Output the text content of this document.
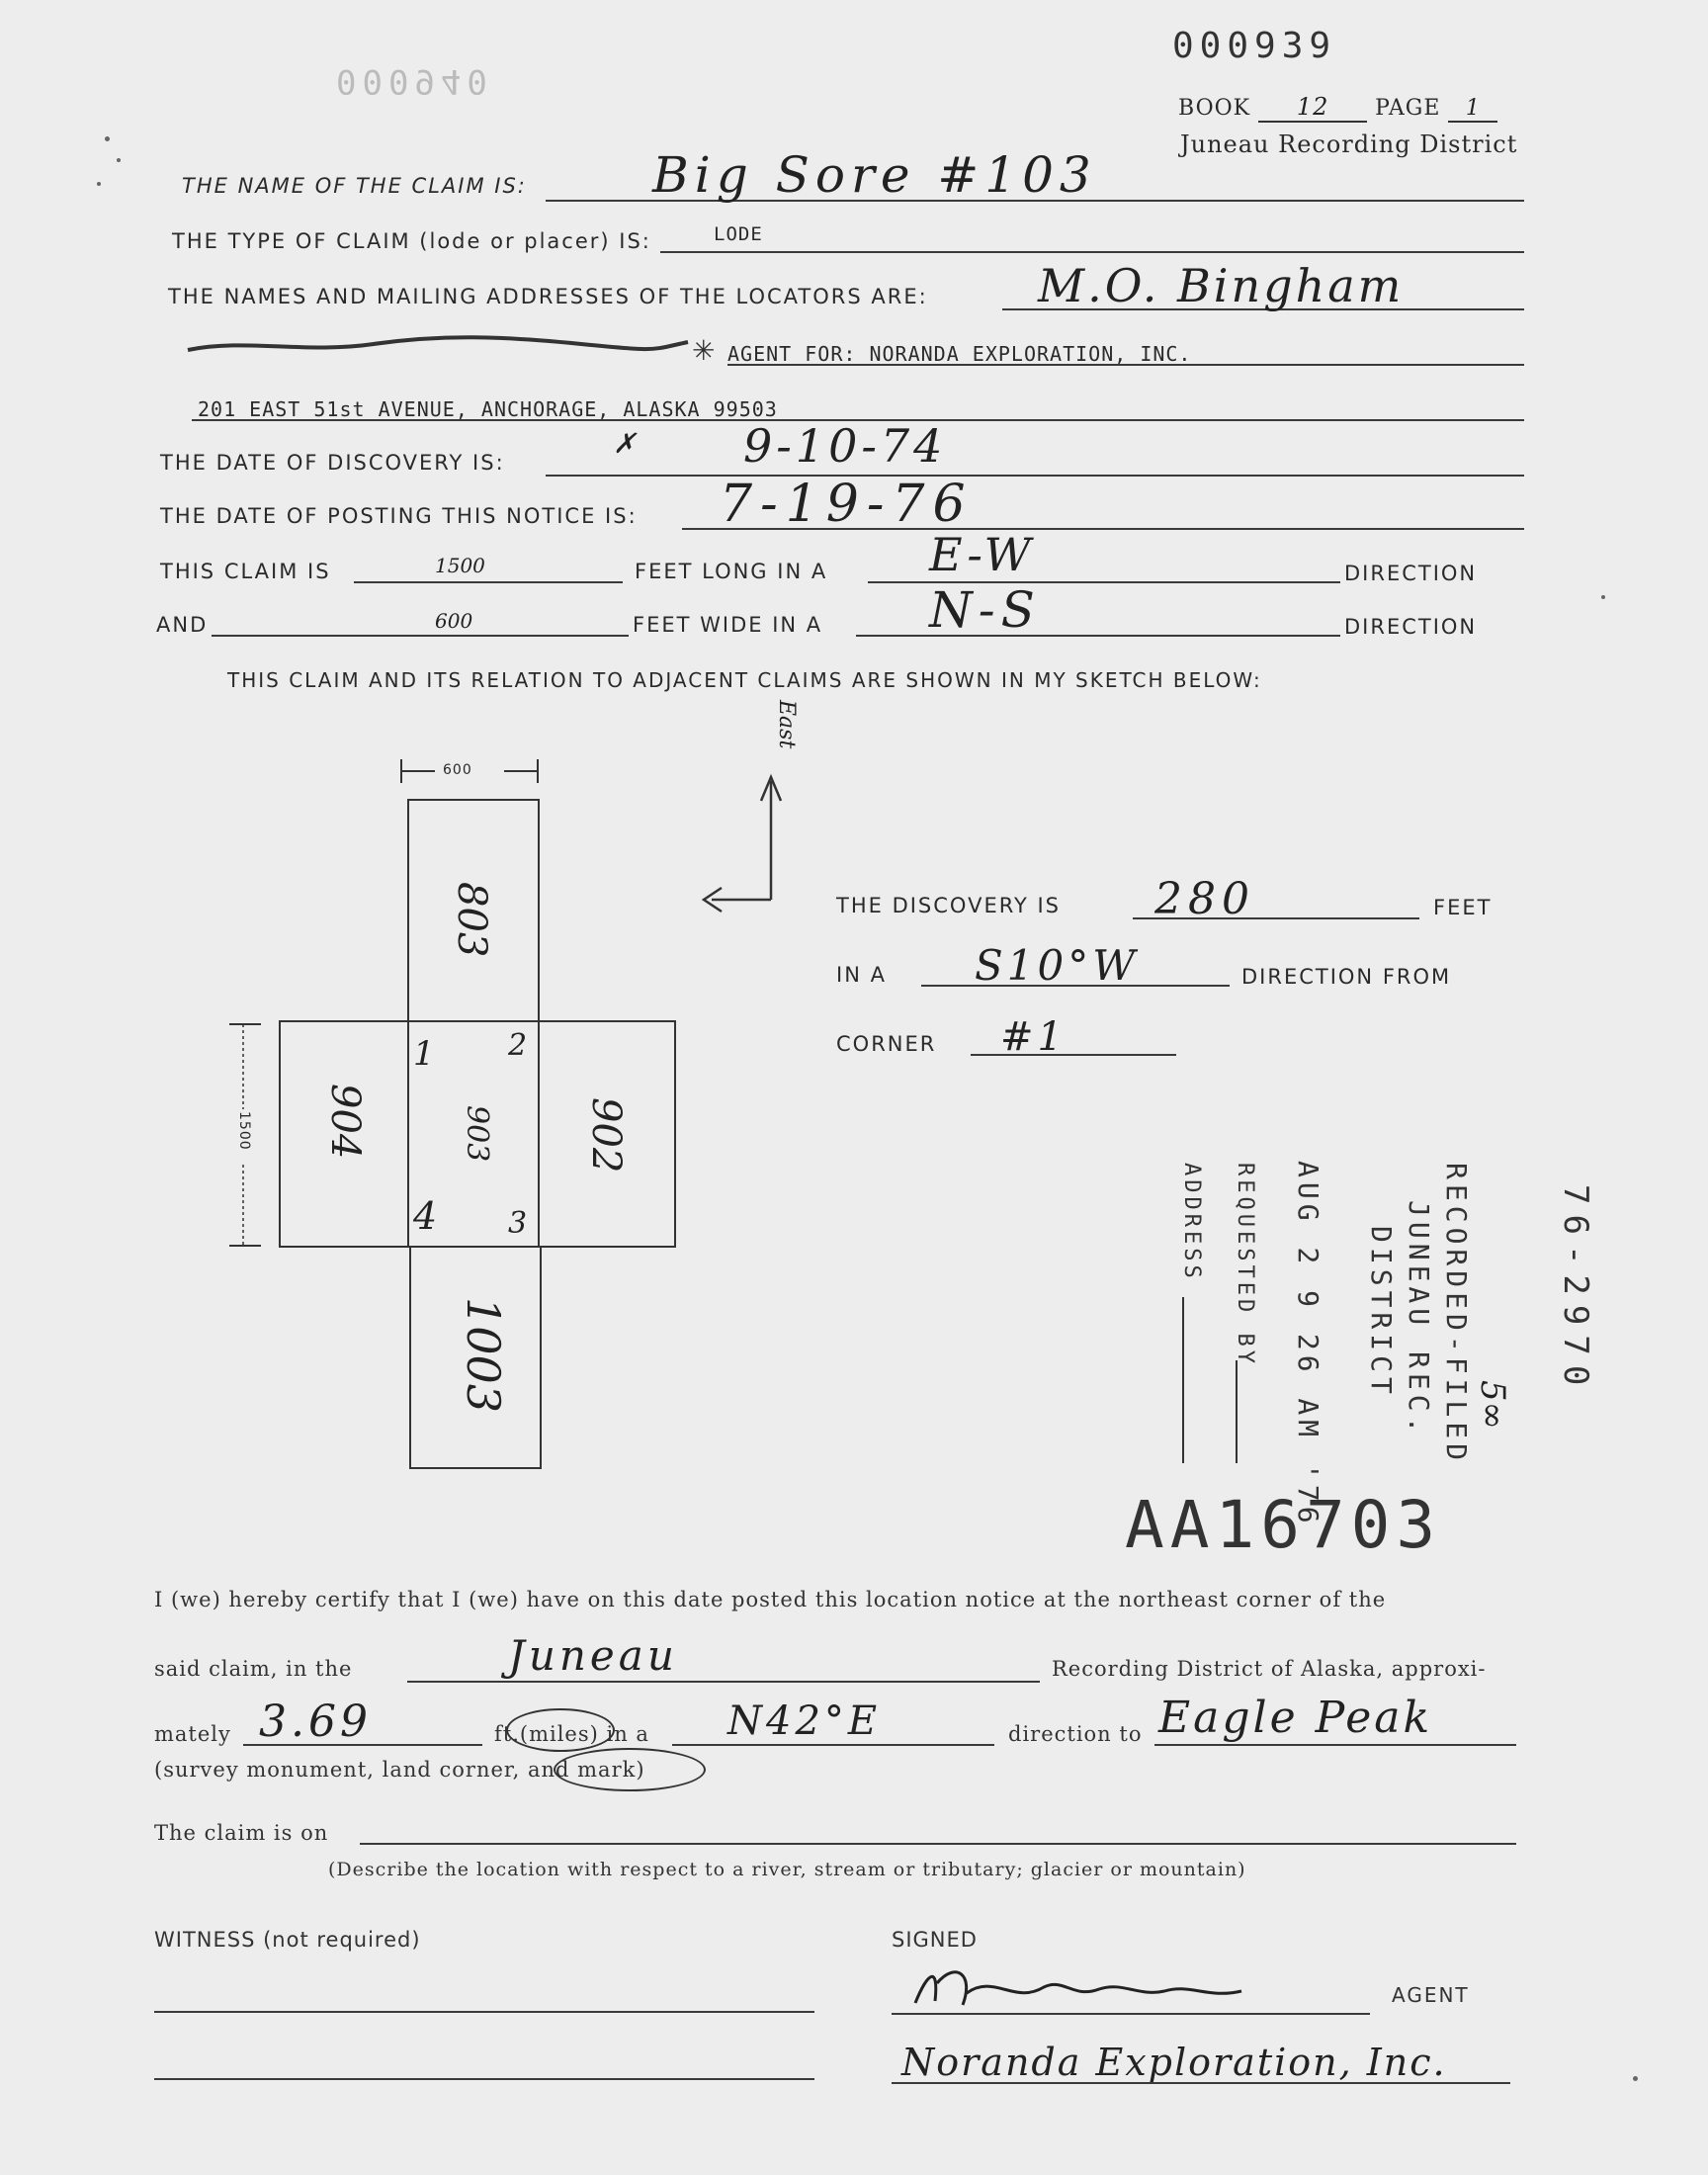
000939
000940
BOOK 12 PAGE 1
Juneau Recording District
THE NAME OF THE CLAIM IS:	Big Sore #103
THE TYPE OF CLAIM (lode or placer) IS:	LODE
THE NAMES AND MAILING ADDRESSES OF THE LOCATORS ARE: M.O. Bingham
✳ AGENT FOR: NORANDA EXPLORATION, INC.
201 EAST 51st AVENUE, ANCHORAGE, ALASKA 99503
THE DATE OF DISCOVERY IS:
✗ 9-10-74
THE DATE OF POSTING THIS NOTICE IS: 7-19-76
THIS CLAIM IS	1500	FEET LONG IN A E-W	DIRECTION
AND	600	FEET WIDE IN A N-S	DIRECTION
THIS CLAIM AND ITS RELATION TO ADJACENT CLAIMS ARE SHOWN IN MY SKETCH BELOW:
600
East
803
904	903 902
1003
1 2
3
4
1500
THE DISCOVERY IS 280	FEET
IN A S10°W	DIRECTION FROM
CORNER #1
76-2970
RECORDED-FILED
JUNEAU REC.
DISTRICT
AUG 2 9 26 AM '76
REQUESTED BY
ADDRESS
5∞
AA16703
I (we) hereby certify that I (we) have on this date posted this location notice at the northeast corner of the
said claim, in the	Juneau	Recording District of Alaska, approxi-
mately 3.69	ft.(miles) in a N42°E	direction to Eagle Peak
(survey monument, land corner, and mark)
The claim is on
(Describe the location with respect to a river, stream or tributary; glacier or mountain)
WITNESS (not required)	SIGNED
AGENT
Noranda Exploration, Inc.
